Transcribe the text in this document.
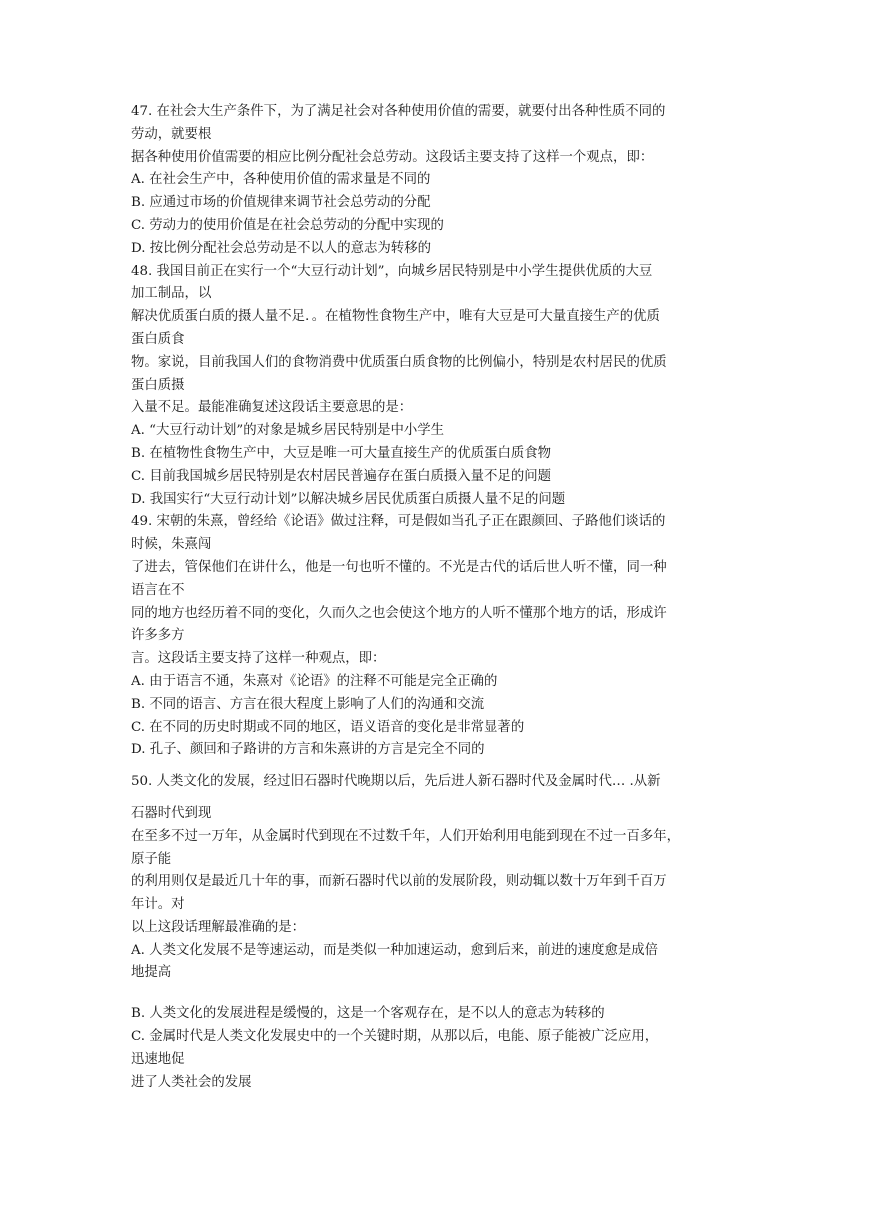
47. 在社会大生产条件下，为了满足社会对各种使用价值的需要，就要付出各种性质不同的
劳动，就要根
据各种使用价值需要的相应比例分配社会总劳动。这段话主要支持了这样一个观点，即：
A. 在社会生产中，各种使用价值的需求量是不同的
B. 应通过市场的价值规律来调节社会总劳动的分配
C. 劳动力的使用价值是在社会总劳动的分配中实现的
D. 按比例分配社会总劳动是不以人的意志为转移的
48. 我国目前正在实行一个“大豆行动计划”，向城乡居民特别是中小学生提供优质的大豆
加工制品，以
解决优质蛋白质的摄人量不足．。在植物性食物生产中，唯有大豆是可大量直接生产的优质
蛋白质食
物。家说，目前我国人们的食物消费中优质蛋白质食物的比例偏小，特别是农村居民的优质
蛋白质摄
入量不足。最能准确复述这段话主要意思的是：
A. “大豆行动计划”的对象是城乡居民特别是中小学生
B. 在植物性食物生产中，大豆是唯一可大量直接生产的优质蛋白质食物
C. 目前我国城乡居民特别是农村居民普遍存在蛋白质摄入量不足的问题
D. 我国实行“大豆行动计划”以解决城乡居民优质蛋白质摄人量不足的问题
49. 宋朝的朱熹，曾经给《论语》做过注释，可是假如当孔子正在跟颜回、子路他们谈话的
时候，朱熹闯
了进去，管保他们在讲什么，他是一句也听不懂的。不光是古代的话后世人听不懂，同一种
语言在不
同的地方也经历着不同的变化，久而久之也会使这个地方的人听不懂那个地方的话，形成许
许多多方
言。这段话主要支持了这样一种观点，即：
A. 由于语言不通，朱熹对《论语》的注释不可能是完全正确的
B. 不同的语言、方言在很大程度上影响了人们的沟通和交流
C. 在不同的历史时期或不同的地区，语义语音的变化是非常显著的
D. 孔子、颜回和子路讲的方言和朱熹讲的方言是完全不同的
50. 人类文化的发展，经过旧石器时代晚期以后，先后进人新石器时代及金属时代… .从新
石器时代到现
在至多不过一万年，从金属时代到现在不过数千年，人们开始利用电能到现在不过一百多年，
原子能
的利用则仅是最近几十年的事，而新石器时代以前的发展阶段，则动辄以数十万年到千百万
年计。对
以上这段话理解最准确的是：
A. 人类文化发展不是等速运动，而是类似一种加速运动，愈到后来，前进的速度愈是成倍
地提高
B. 人类文化的发展进程是缓慢的，这是一个客观存在，是不以人的意志为转移的
C. 金属时代是人类文化发展史中的一个关键时期，从那以后，电能、原子能被广泛应用，
迅速地促
进了人类社会的发展
